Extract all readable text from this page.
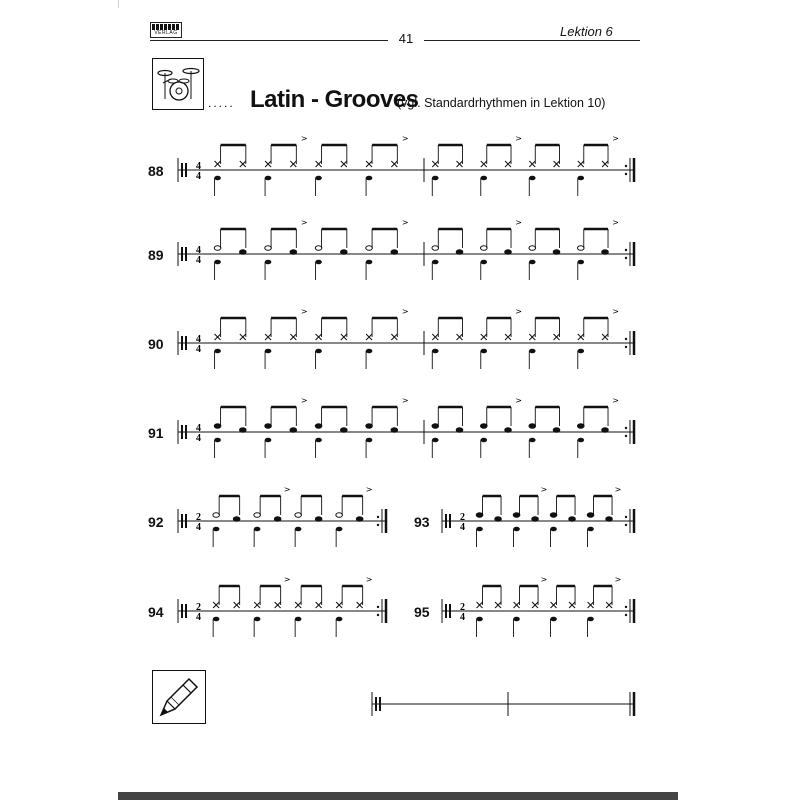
VERLAG	41	Lektion 6
..... Latin - Grooves
(vgl. Standardrhythmen in Lektion 10)
88
89
90
91
92	93
94	95
4
4
>	>	>	>
4
4
>	>	>	>
4
4
>	>	>	>
4
4
>	>	>	>
2
4
>	>
2
4
>	>
2
4
>	>
2
4
>	>
